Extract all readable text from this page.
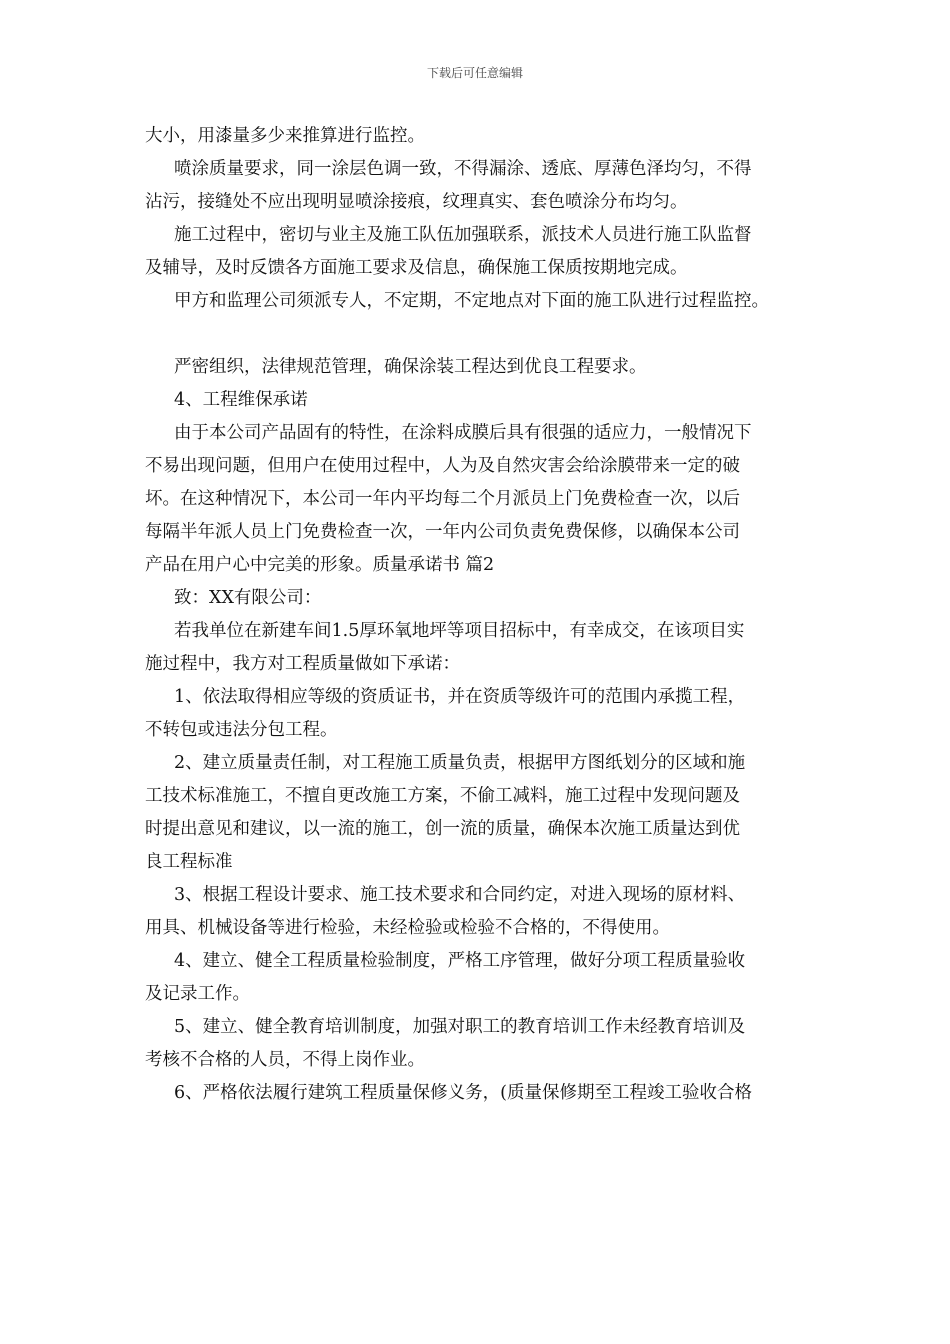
下载后可任意编辑
大小，用漆量多少来推算进行监控。
喷涂质量要求，同一涂层色调一致，不得漏涂、透底、厚薄色泽均匀，不得
沾污，接缝处不应出现明显喷涂接痕，纹理真实、套色喷涂分布均匀。
施工过程中，密切与业主及施工队伍加强联系，派技术人员进行施工队监督
及辅导，及时反馈各方面施工要求及信息，确保施工保质按期地完成。
甲方和监理公司须派专人，不定期，不定地点对下面的施工队进行过程监控。
严密组织，法律规范管理，确保涂装工程达到优良工程要求。
4、工程维保承诺
由于本公司产品固有的特性，在涂料成膜后具有很强的适应力，一般情况下
不易出现问题，但用户在使用过程中，人为及自然灾害会给涂膜带来一定的破
坏。在这种情况下，本公司一年内平均每二个月派员上门免费检查一次，以后
每隔半年派人员上门免费检查一次，一年内公司负责免费保修，以确保本公司
产品在用户心中完美的形象。质量承诺书 篇2
致：XX有限公司：
若我单位在新建车间1.5厚环氧地坪等项目招标中，有幸成交，在该项目实
施过程中，我方对工程质量做如下承诺：
1、依法取得相应等级的资质证书，并在资质等级许可的范围内承揽工程，
不转包或违法分包工程。
2、建立质量责任制，对工程施工质量负责，根据甲方图纸划分的区域和施
工技术标准施工，不擅自更改施工方案，不偷工减料，施工过程中发现问题及
时提出意见和建议，以一流的施工，创一流的质量，确保本次施工质量达到优
良工程标准
3、根据工程设计要求、施工技术要求和合同约定，对进入现场的原材料、
用具、机械设备等进行检验，未经检验或检验不合格的，不得使用。
4、建立、健全工程质量检验制度，严格工序管理，做好分项工程质量验收
及记录工作。
5、建立、健全教育培训制度，加强对职工的教育培训工作未经教育培训及
考核不合格的人员，不得上岗作业。
6、严格依法履行建筑工程质量保修义务，(质量保修期至工程竣工验收合格
